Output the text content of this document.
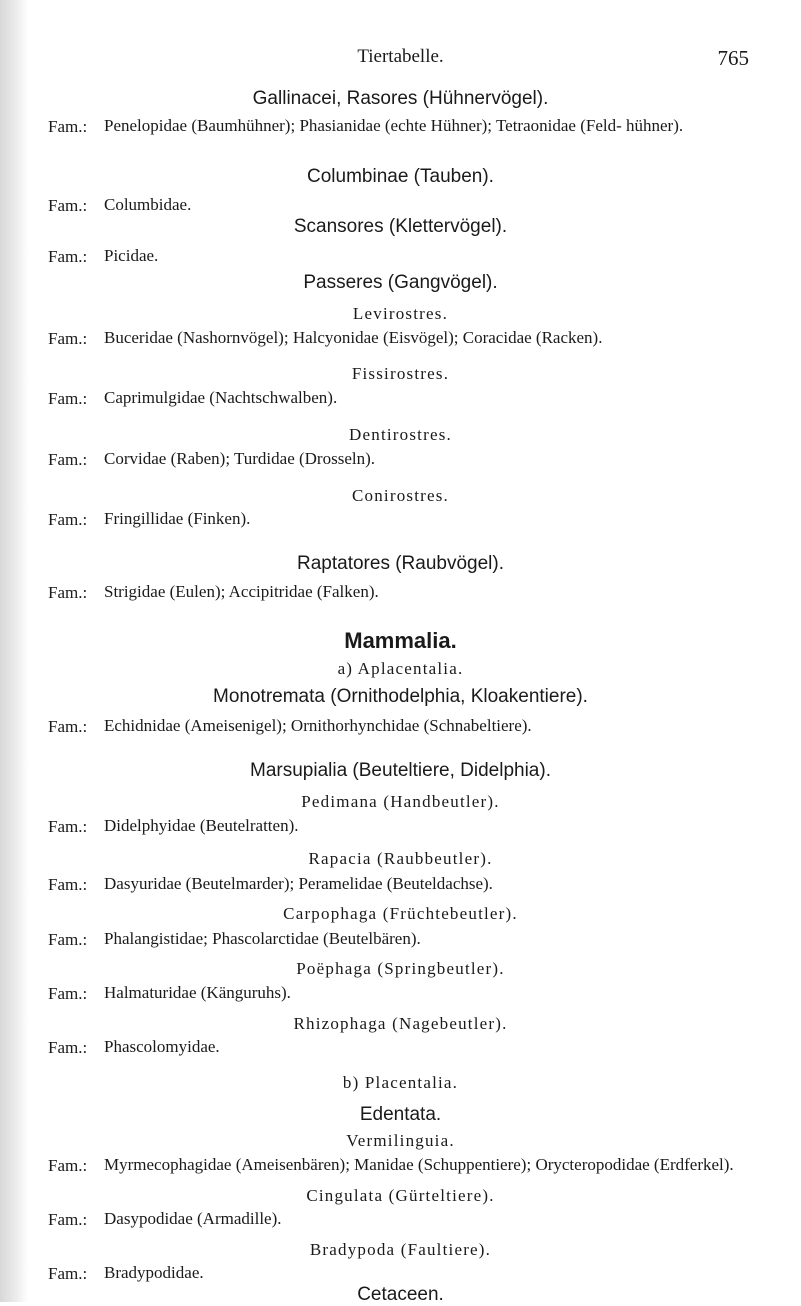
Tiertabelle.	765
Gallinacei, Rasores (Hühnervögel).
Fam.: Penelopidae (Baumhühner); Phasianidae (echte Hühner); Tetraonidae (Feld- hühner).
Columbinae (Tauben).
Fam.: Columbidae.
Scansores (Klettervögel).
Fam.: Picidae.
Passeres (Gangvögel).
Levirostres.
Fam.: Buceridae (Nashornvögel); Halcyonidae (Eisvögel); Coracidae (Racken).
Fissirostres.
Fam.: Caprimulgidae (Nachtschwalben).
Dentirostres.
Fam.: Corvidae (Raben); Turdidae (Drosseln).
Conirostres.
Fam.: Fringillidae (Finken).
Raptatores (Raubvögel).
Fam.: Strigidae (Eulen); Accipitridae (Falken).
Mammalia.
a) Aplacentalia.
Monotremata (Ornithodelphia, Kloakentiere).
Fam.: Echidnidae (Ameisenigel); Ornithorhynchidae (Schnabeltiere).
Marsupialia (Beuteltiere, Didelphia).
Pedimana (Handbeutler).
Fam.: Didelphyidae (Beutelratten).
Rapacia (Raubbeutler).
Fam.: Dasyuridae (Beutelmarder); Peramelidae (Beuteldachse).
Carpophaga (Früchtebeutler).
Fam.: Phalangistidae; Phascolarctidae (Beutelbären).
Poëphaga (Springbeutler).
Fam.: Halmaturidae (Känguruhs).
Rhizophaga (Nagebeutler).
Fam.: Phascolomyidae.
b) Placentalia.
Edentata.
Vermilinguia.
Fam.: Myrmecophagidae (Ameisenbären); Manidae (Schuppentiere); Orycteropodidae (Erdferkel).
Cingulata (Gürteltiere).
Fam.: Dasypodidae (Armadille).
Bradypoda (Faultiere).
Fam.: Bradypodidae.
Cetaceen.
